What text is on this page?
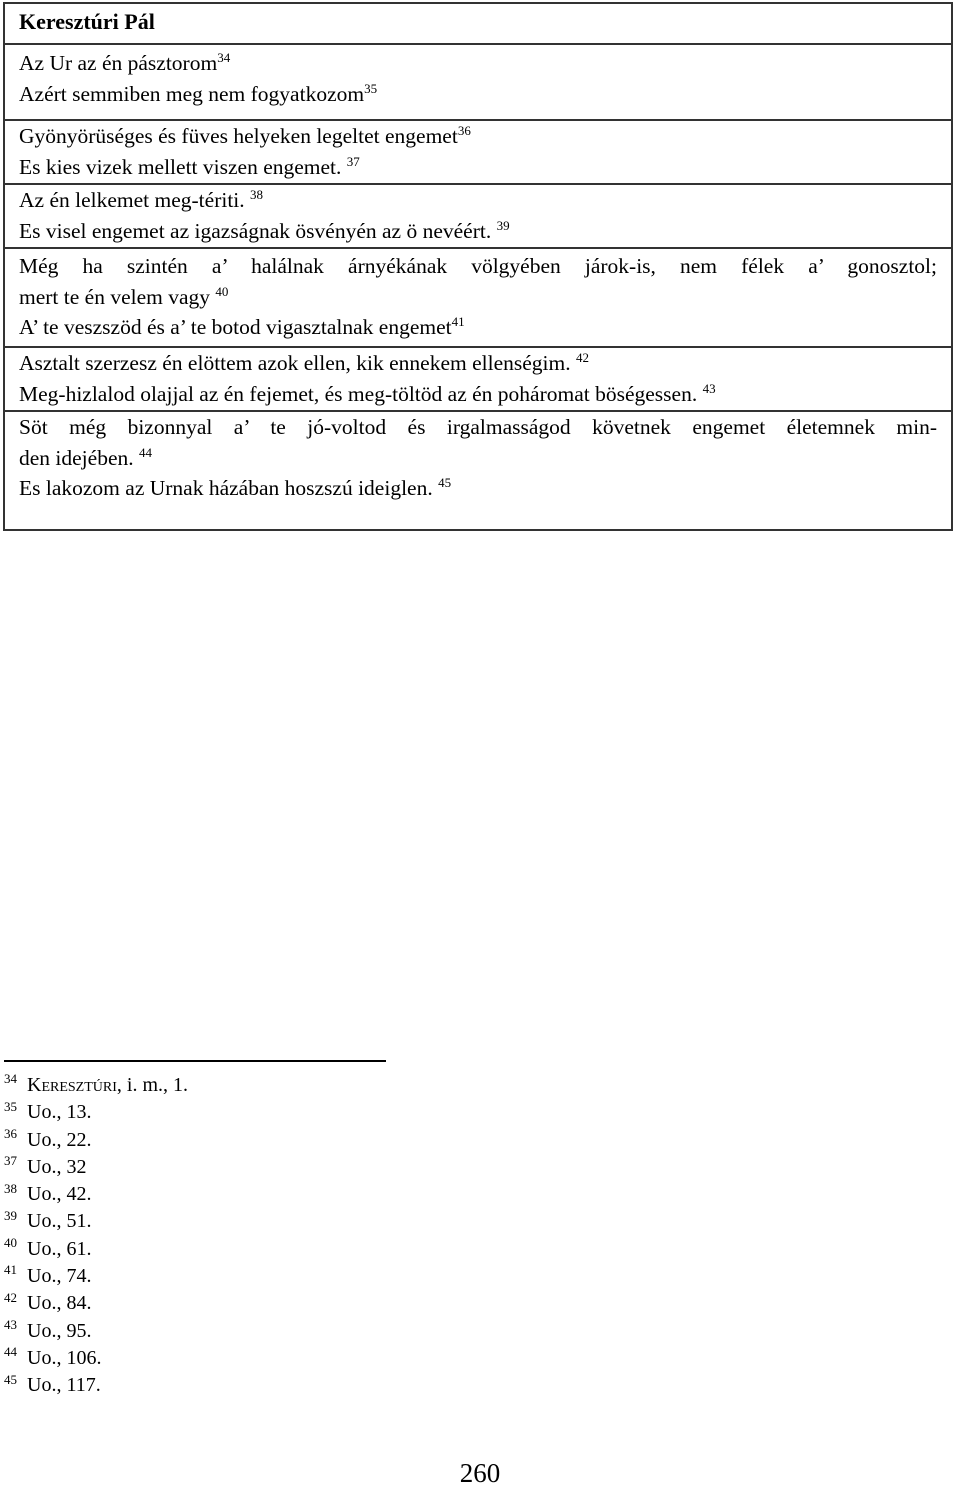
Keresztúri Pál

Az Ur az én pásztorom$^{34}$
Azért semmiben meg nem fogyatkozom$^{35}$

Gyönyörüséges és füves helyeken legeltet engemet$^{36}$
Es kies vizek mellett viszen engemet. $^{37}$

Az én lelkemet meg-tériti. $^{38}$
Es visel engemet az igazságnak ösvényén az ö nevéért. $^{39}$

Még ha szintén a’ halálnak árnyékának völgyében járok-is, nem félek a’ gonosztol;
mert te én velem vagy $^{40}$
A’ te veszszöd és a’ te botod vigasztalnak engemet$^{41}$

Asztalt szerzesz én elöttem azok ellen, kik ennekem ellenségim. $^{42}$
Meg-hizlalod olajjal az én fejemet, és meg-töltöd az én poháromat böségessen. $^{43}$

Söt még bizonnyal a’ te jó-voltod és irgalmasságod követnek engemet életemnek min-
den idejében. $^{44}$
Es lakozom az Urnak házában hoszszú ideiglen. $^{45}$
$^{34}$ Keresztúri, i. m., 1.
$^{35}$ Uo., 13.
$^{36}$ Uo., 22.
$^{37}$ Uo., 32
$^{38}$ Uo., 42.
$^{39}$ Uo., 51.
$^{40}$ Uo., 61.
$^{41}$ Uo., 74.
$^{42}$ Uo., 84.
$^{43}$ Uo., 95.
$^{44}$ Uo., 106.
$^{45}$ Uo., 117.
260
